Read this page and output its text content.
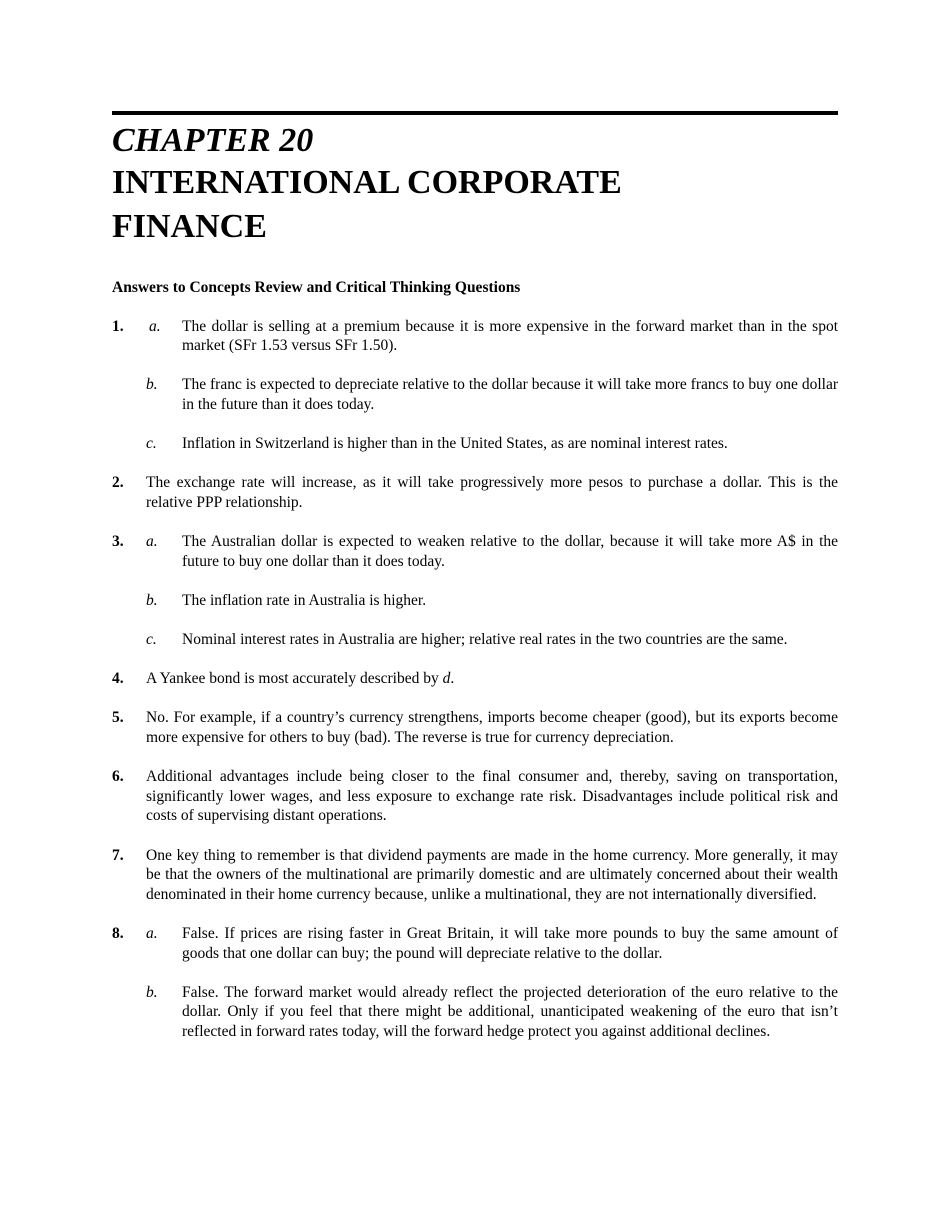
CHAPTER 20
INTERNATIONAL CORPORATE
FINANCE
Answers to Concepts Review and Critical Thinking Questions
1. a. The dollar is selling at a premium because it is more expensive in the forward market than in the spot market (SFr 1.53 versus SFr 1.50).
b. The franc is expected to depreciate relative to the dollar because it will take more francs to buy one dollar in the future than it does today.
c. Inflation in Switzerland is higher than in the United States, as are nominal interest rates.
2. The exchange rate will increase, as it will take progressively more pesos to purchase a dollar. This is the relative PPP relationship.
3. a. The Australian dollar is expected to weaken relative to the dollar, because it will take more A$ in the future to buy one dollar than it does today.
b. The inflation rate in Australia is higher.
c. Nominal interest rates in Australia are higher; relative real rates in the two countries are the same.
4. A Yankee bond is most accurately described by d.
5. No. For example, if a country’s currency strengthens, imports become cheaper (good), but its exports become more expensive for others to buy (bad). The reverse is true for currency depreciation.
6. Additional advantages include being closer to the final consumer and, thereby, saving on transportation, significantly lower wages, and less exposure to exchange rate risk. Disadvantages include political risk and costs of supervising distant operations.
7. One key thing to remember is that dividend payments are made in the home currency. More generally, it may be that the owners of the multinational are primarily domestic and are ultimately concerned about their wealth denominated in their home currency because, unlike a multinational, they are not internationally diversified.
8. a. False. If prices are rising faster in Great Britain, it will take more pounds to buy the same amount of goods that one dollar can buy; the pound will depreciate relative to the dollar.
b. False. The forward market would already reflect the projected deterioration of the euro relative to the dollar. Only if you feel that there might be additional, unanticipated weakening of the euro that isn’t reflected in forward rates today, will the forward hedge protect you against additional declines.
